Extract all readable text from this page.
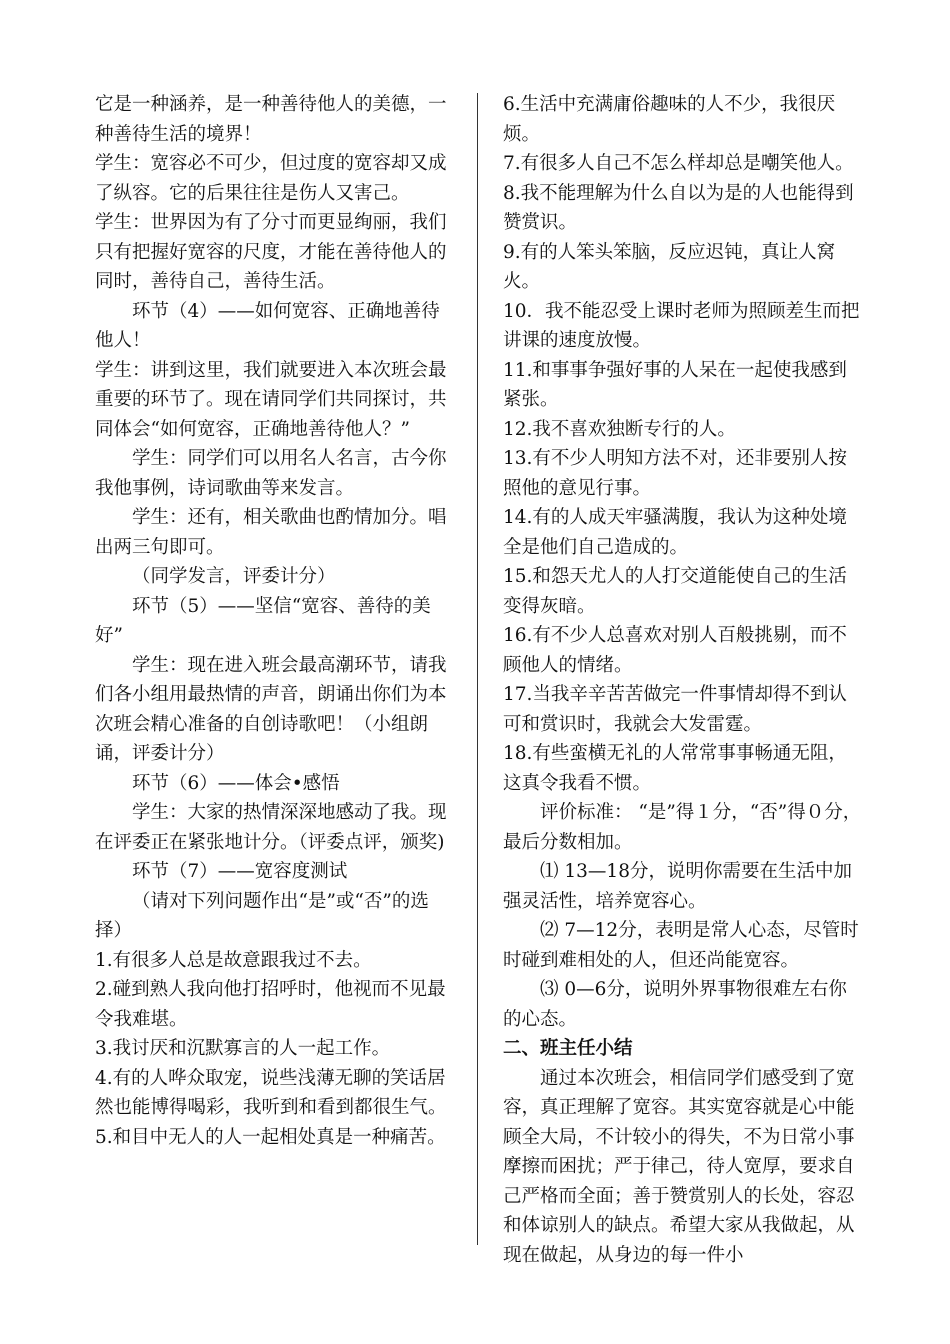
它是一种涵养，是一种善待他人的美德，一种善待生活的境界！

学生：宽容必不可少，但过度的宽容却又成了纵容。它的后果往往是伤人又害己。

学生：世界因为有了分寸而更显绚丽，我们只有把握好宽容的尺度，才能在善待他人的同时，善待自己，善待生活。

环节（4）——如何宽容、正确地善待他人！

学生：讲到这里，我们就要进入本次班会最重要的环节了。现在请同学们共同探讨，共同体会“如何宽容，正确地善待他人？”

学生：同学们可以用名人名言，古今你我他事例，诗词歌曲等来发言。

学生：还有，相关歌曲也酌情加分。唱出两三句即可。

（同学发言，评委计分）

环节（5）——坚信“宽容、善待的美好”

学生：现在进入班会最高潮环节，请我们各小组用最热情的声音，朗诵出你们为本次班会精心准备的自创诗歌吧！（小组朗诵，评委计分）

环节（6）——体会•感悟

学生：大家的热情深深地感动了我。现在评委正在紧张地计分。（评委点评，颁奖)

环节（7）——宽容度测试

（请对下列问题作出“是”或“否”的选择）

1.有很多人总是故意跟我过不去。

2.碰到熟人我向他打招呼时，他视而不见最令我难堪。

3.我讨厌和沉默寡言的人一起工作。

4.有的人哗众取宠，说些浅薄无聊的笑话居然也能博得喝彩，我听到和看到都很生气。

5.和目中无人的人一起相处真是一种痛苦。

6.生活中充满庸俗趣味的人不少，我很厌烦。

7.有很多人自己不怎么样却总是嘲笑他人。

8.我不能理解为什么自以为是的人也能得到赞赏识。

9.有的人笨头笨脑，反应迟钝，真让人窝火。

10．我不能忍受上课时老师为照顾差生而把讲课的速度放慢。

11.和事事争强好事的人呆在一起使我感到紧张。

12.我不喜欢独断专行的人。

13.有不少人明知方法不对，还非要别人按照他的意见行事。

14.有的人成天牢骚满腹，我认为这种处境全是他们自己造成的。

15.和怨天尤人的人打交道能使自己的生活变得灰暗。

16.有不少人总喜欢对别人百般挑剔，而不顾他人的情绪。

17.当我辛辛苦苦做完一件事情却得不到认可和赏识时，我就会大发雷霆。

18.有些蛮横无礼的人常常事事畅通无阻，这真令我看不惯。

评价标准： “是”得１分，“否”得０分，最后分数相加。

⑴ 13—18分，说明你需要在生活中加强灵活性，培养宽容心。

⑵ 7—12分，表明是常人心态，尽管时时碰到难相处的人，但还尚能宽容。

⑶ 0—6分，说明外界事物很难左右你的心态。

二、班主任小结

通过本次班会，相信同学们感受到了宽容，真正理解了宽容。其实宽容就是心中能顾全大局，不计较小的得失，不为日常小事摩擦而困扰；严于律己，待人宽厚，要求自己严格而全面；善于赞赏别人的长处，容忍和体谅别人的缺点。希望大家从我做起，从现在做起，从身边的每一件小
